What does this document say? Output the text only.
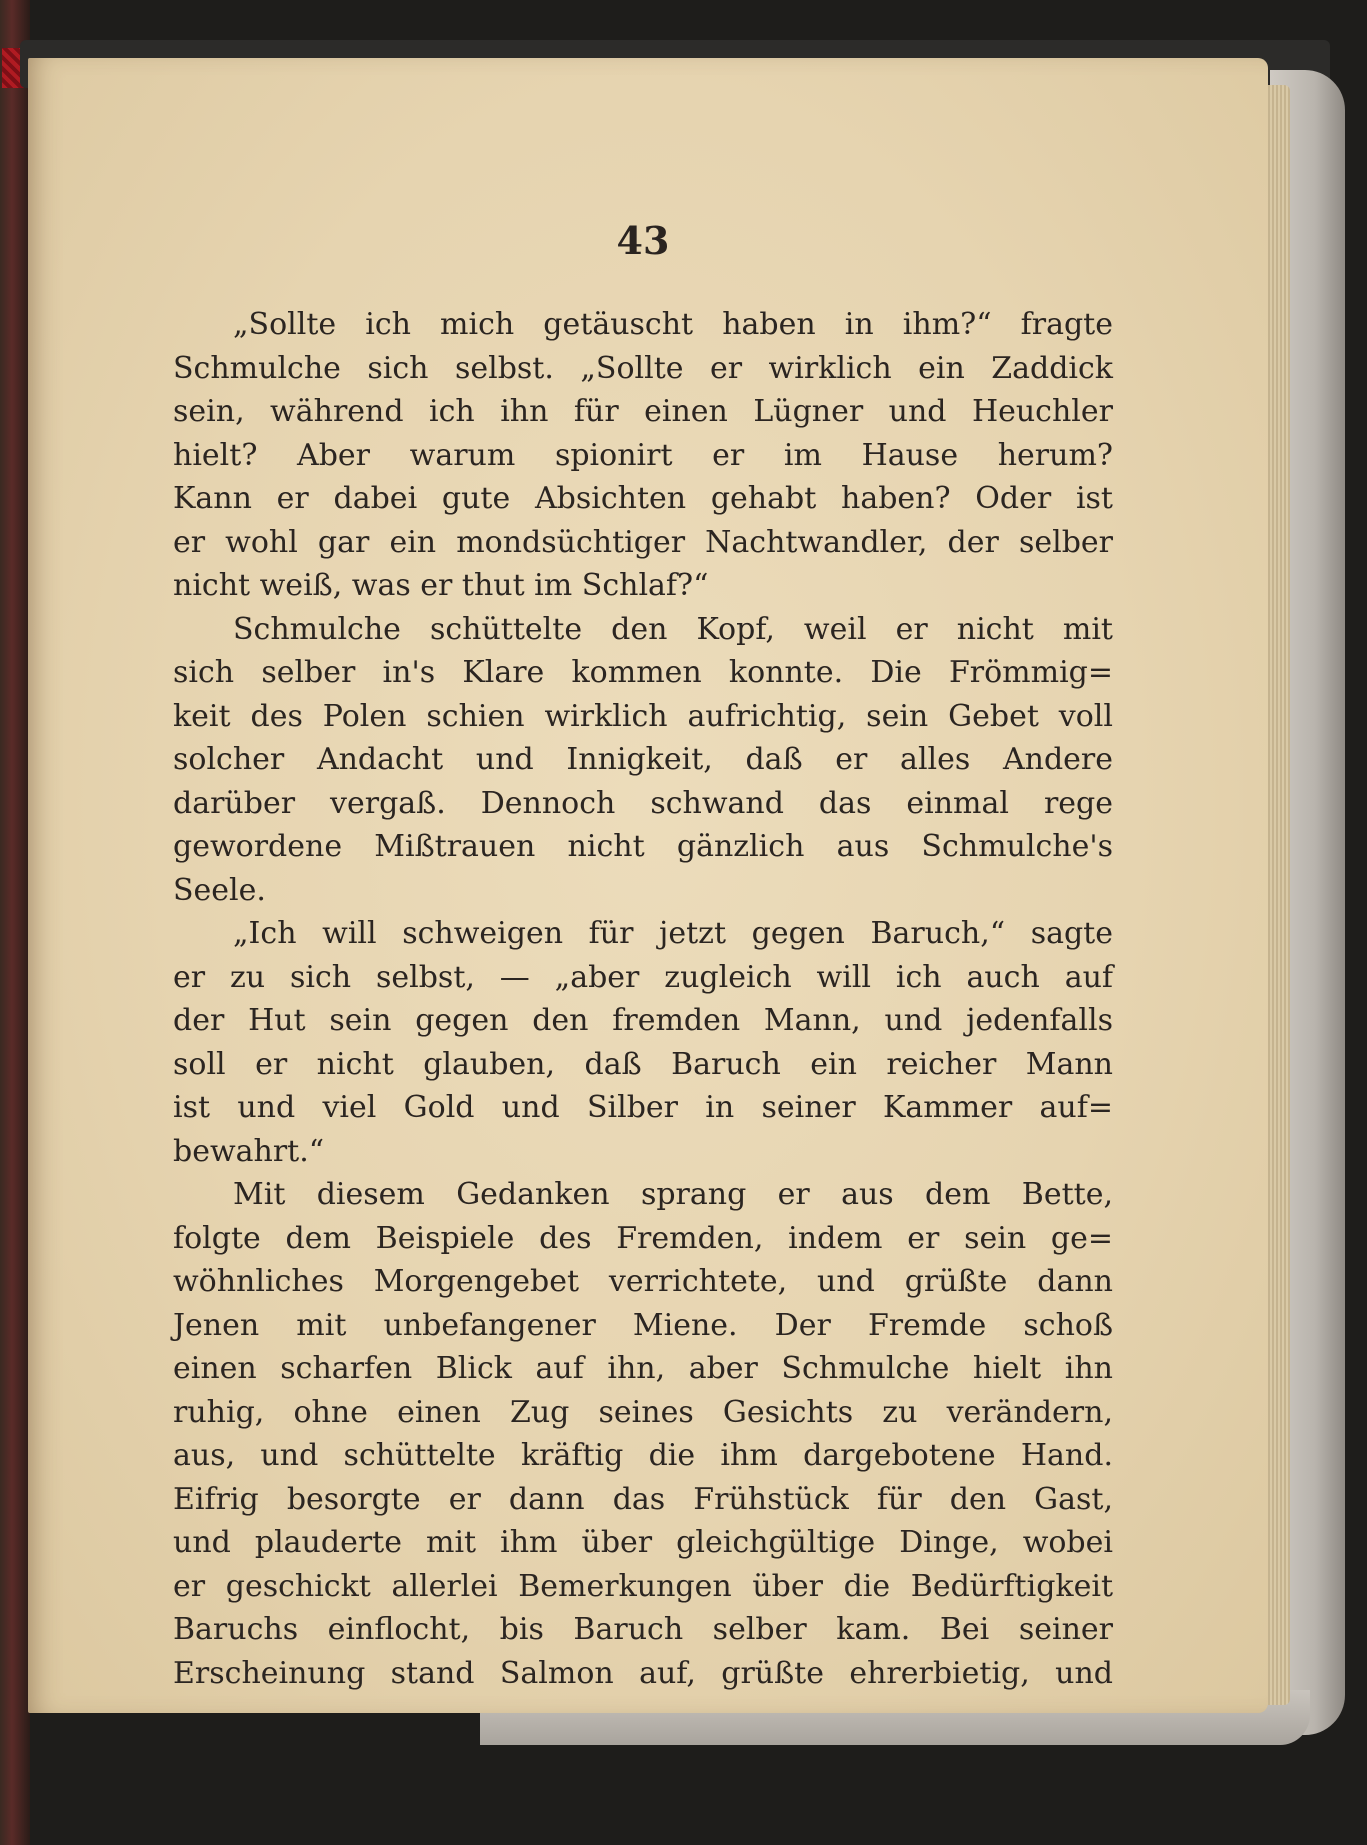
43
„Sollte ich mich getäuscht haben in ihm?“ fragte
Schmulche sich selbst. „Sollte er wirklich ein Zaddick
sein, während ich ihn für einen Lügner und Heuchler
hielt? Aber warum spionirt er im Hause herum?
Kann er dabei gute Absichten gehabt haben? Oder ist
er wohl gar ein mondsüchtiger Nachtwandler, der selber
nicht weiß, was er thut im Schlaf?“
Schmulche schüttelte den Kopf, weil er nicht mit
sich selber in's Klare kommen konnte. Die Frömmig=
keit des Polen schien wirklich aufrichtig, sein Gebet voll
solcher Andacht und Innigkeit, daß er alles Andere
darüber vergaß. Dennoch schwand das einmal rege
gewordene Mißtrauen nicht gänzlich aus Schmulche's
Seele.
„Ich will schweigen für jetzt gegen Baruch,“ sagte
er zu sich selbst, — „aber zugleich will ich auch auf
der Hut sein gegen den fremden Mann, und jedenfalls
soll er nicht glauben, daß Baruch ein reicher Mann
ist und viel Gold und Silber in seiner Kammer auf=
bewahrt.“
Mit diesem Gedanken sprang er aus dem Bette,
folgte dem Beispiele des Fremden, indem er sein ge=
wöhnliches Morgengebet verrichtete, und grüßte dann
Jenen mit unbefangener Miene. Der Fremde schoß
einen scharfen Blick auf ihn, aber Schmulche hielt ihn
ruhig, ohne einen Zug seines Gesichts zu verändern,
aus, und schüttelte kräftig die ihm dargebotene Hand.
Eifrig besorgte er dann das Frühstück für den Gast,
und plauderte mit ihm über gleichgültige Dinge, wobei
er geschickt allerlei Bemerkungen über die Bedürftigkeit
Baruchs einflocht, bis Baruch selber kam. Bei seiner
Erscheinung stand Salmon auf, grüßte ehrerbietig, und
